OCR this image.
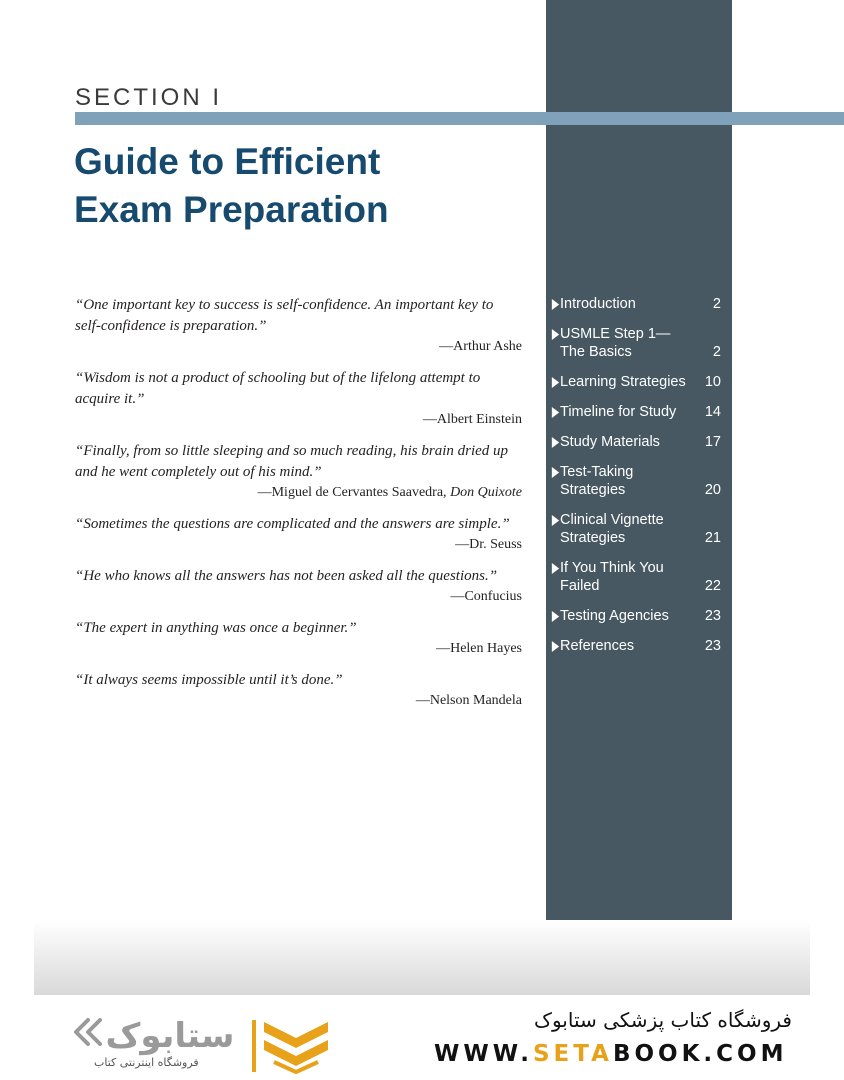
SECTION I
Guide to Efficient
Exam Preparation

“One important key to success is self-confidence. An important key to self-confidence is preparation.”

—Arthur Ashe

“Wisdom is not a product of schooling but of the lifelong attempt to acquire it.”

—Albert Einstein

“Finally, from so little sleeping and so much reading, his brain dried up and he went completely out of his mind.”

—Miguel de Cervantes Saavedra, Don Quixote

“Sometimes the questions are complicated and the answers are simple.”

—Dr. Seuss

“He who knows all the answers has not been asked all the questions.”

—Confucius

“The expert in anything was once a beginner.”

—Helen Hayes

“It always seems impossible until it’s done.”

—Nelson Mandela
Introduction	2
USMLE Step 1—The Basics	2
Learning Strategies	10
Timeline for Study	14
Study Materials	17
Test-Taking Strategies	20
Clinical Vignette Strategies	21
If You Think You Failed	22
Testing Agencies	23
References	23
ستابوک
فروشگاه اینترنتی کتاب

فروشگاه کتاب پزشکی ستابوک

WWW.SETABOOK.COM
